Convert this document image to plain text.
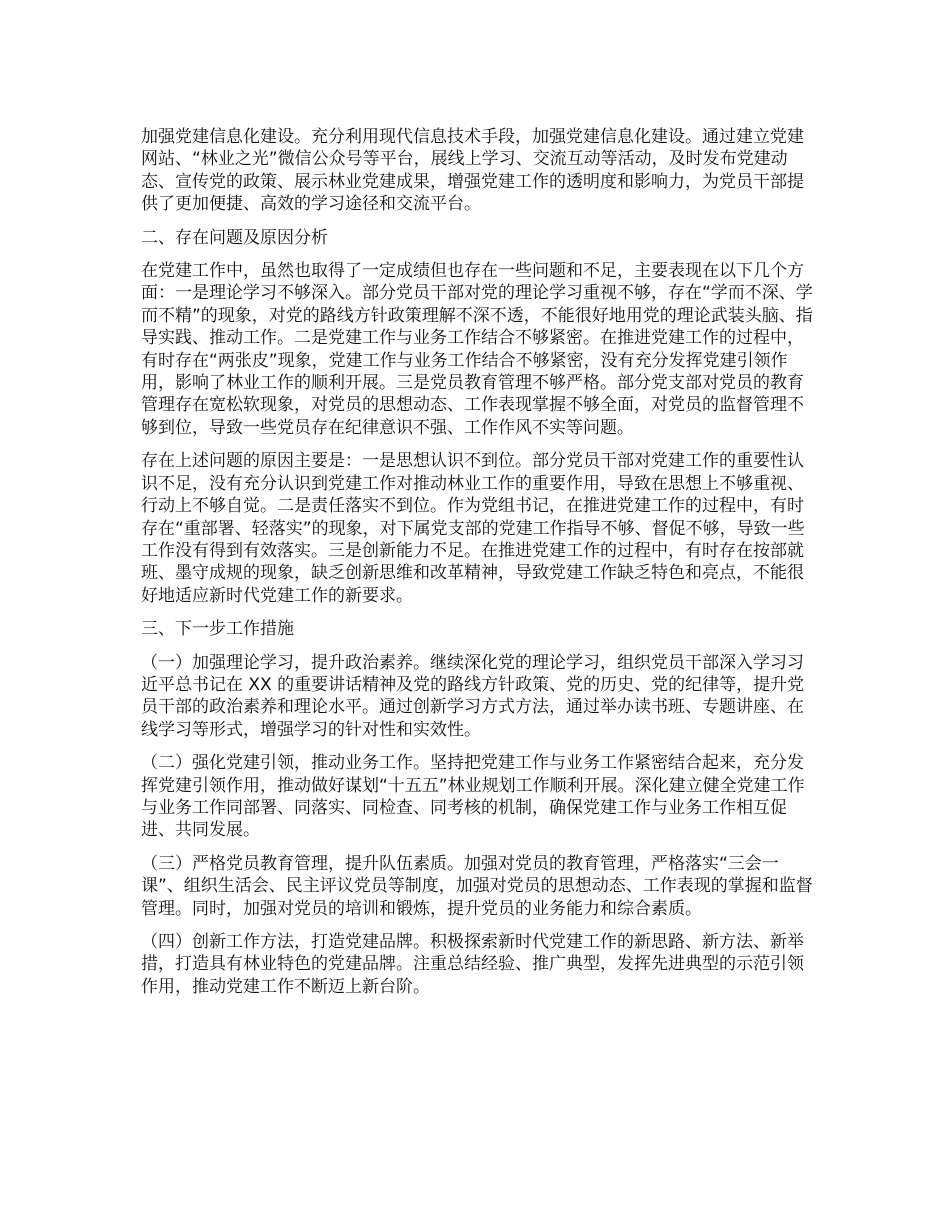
加强党建信息化建设。充分利用现代信息技术手段，加强党建信息化建设。通过建立党建网站、“林业之光”微信公众号等平台，展线上学习、交流互动等活动，及时发布党建动态、宣传党的政策、展示林业党建成果，增强党建工作的透明度和影响力，为党员干部提供了更加便捷、高效的学习途径和交流平台。

二、存在问题及原因分析

在党建工作中，虽然也取得了一定成绩但也存在一些问题和不足，主要表现在以下几个方面：一是理论学习不够深入。部分党员干部对党的理论学习重视不够，存在“学而不深、学而不精”的现象，对党的路线方针政策理解不深不透，不能很好地用党的理论武装头脑、指导实践、推动工作。二是党建工作与业务工作结合不够紧密。在推进党建工作的过程中，有时存在“两张皮”现象，党建工作与业务工作结合不够紧密，没有充分发挥党建引领作用，影响了林业工作的顺利开展。三是党员教育管理不够严格。部分党支部对党员的教育管理存在宽松软现象，对党员的思想动态、工作表现掌握不够全面，对党员的监督管理不够到位，导致一些党员存在纪律意识不强、工作作风不实等问题。

存在上述问题的原因主要是：一是思想认识不到位。部分党员干部对党建工作的重要性认识不足，没有充分认识到党建工作对推动林业工作的重要作用，导致在思想上不够重视、行动上不够自觉。二是责任落实不到位。作为党组书记，在推进党建工作的过程中，有时存在“重部署、轻落实”的现象，对下属党支部的党建工作指导不够、督促不够，导致一些工作没有得到有效落实。三是创新能力不足。在推进党建工作的过程中，有时存在按部就班、墨守成规的现象，缺乏创新思维和改革精神，导致党建工作缺乏特色和亮点，不能很好地适应新时代党建工作的新要求。

三、下一步工作措施

（一）加强理论学习，提升政治素养。继续深化党的理论学习，组织党员干部深入学习习近平总书记在 XX 的重要讲话精神及党的路线方针政策、党的历史、党的纪律等，提升党员干部的政治素养和理论水平。通过创新学习方式方法，通过举办读书班、专题讲座、在线学习等形式，增强学习的针对性和实效性。

（二）强化党建引领，推动业务工作。坚持把党建工作与业务工作紧密结合起来，充分发挥党建引领作用，推动做好谋划“十五五”林业规划工作顺利开展。深化建立健全党建工作与业务工作同部署、同落实、同检查、同考核的机制，确保党建工作与业务工作相互促进、共同发展。

（三）严格党员教育管理，提升队伍素质。加强对党员的教育管理，严格落实“三会一课”、组织生活会、民主评议党员等制度，加强对党员的思想动态、工作表现的掌握和监督管理。同时，加强对党员的培训和锻炼，提升党员的业务能力和综合素质。

（四）创新工作方法，打造党建品牌。积极探索新时代党建工作的新思路、新方法、新举措，打造具有林业特色的党建品牌。注重总结经验、推广典型，发挥先进典型的示范引领作用，推动党建工作不断迈上新台阶。
